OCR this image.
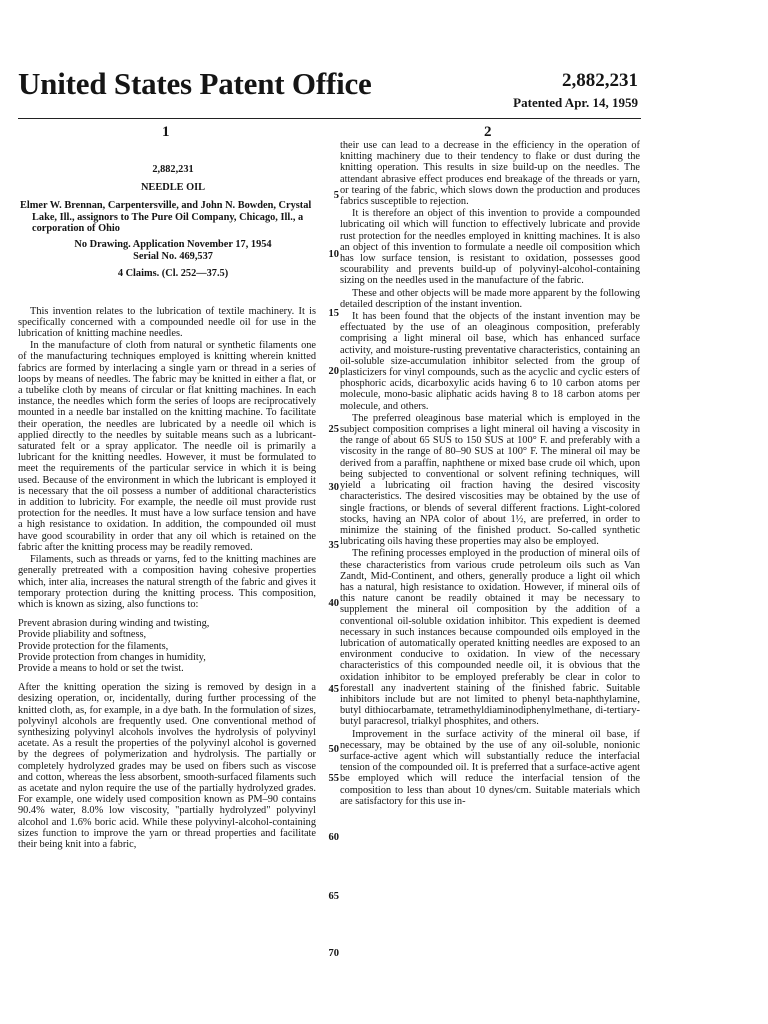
United States Patent Office	2,882,231
Patented Apr. 14, 1959
1	2

2,882,231

NEEDLE OIL

Elmer W. Brennan, Carpentersville, and John N. Bowden, Crystal Lake, Ill., assignors to The Pure Oil Company, Chicago, Ill., a corporation of Ohio

No Drawing. Application November 17, 1954

Serial No. 469,537

4 Claims. (Cl. 252—37.5)

This invention relates to the lubrication of textile machinery. It is specifically concerned with a compounded needle oil for use in the lubrication of knitting machine needles.

In the manufacture of cloth from natural or synthetic filaments one of the manufacturing techniques employed is knitting wherein knitted fabrics are formed by interlacing a single yarn or thread in a series of loops by means of needles. The fabric may be knitted in either a flat, or a tubelike cloth by means of circular or flat knitting machines. In each instance, the needles which form the series of loops are reciprocatively mounted in a needle bar installed on the knitting machine. To facilitate their operation, the needles are lubricated by a needle oil which is applied directly to the needles by suitable means such as a lubricant-saturated felt or a spray applicator. The needle oil is primarily a lubricant for the knitting needles. However, it must be formulated to meet the requirements of the particular service in which it is being used. Because of the environment in which the lubricant is employed it is necessary that the oil possess a number of additional characteristics in addition to lubricity. For example, the needle oil must provide rust protection for the needles. It must have a low surface tension and have a high resistance to oxidation. In addition, the compounded oil must have good scourability in order that any oil which is retained on the fabric after the knitting process may be readily removed.

Filaments, such as threads or yarns, fed to the knitting machines are generally pretreated with a composition having cohesive properties which, inter alia, increases the natural strength of the fabric and gives it temporary protection during the knitting process. This composition, which is known as sizing, also functions to:

Prevent abrasion during winding and twisting,
Provide pliability and softness,
Provide protection for the filaments,
Provide protection from changes in humidity,
Provide a means to hold or set the twist.

After the knitting operation the sizing is removed by design in a desizing operation, or, incidentally, during further processing of the knitted cloth, as, for example, in a dye bath. In the formulation of sizes, polyvinyl alcohols are frequently used. One conventional method of synthesizing polyvinyl alcohols involves the hydrolysis of polyvinyl acetate. As a result the properties of the polyvinyl alcohol is governed by the degrees of polymerization and hydrolysis. The partially or completely hydrolyzed grades may be used on fibers such as viscose and cotton, whereas the less absorbent, smooth-surfaced filaments such as acetate and nylon require the use of the partially hydrolyzed grades. For example, one widely used composition known as PM–90 contains 90.4% water, 8.0% low viscosity, "partially hydrolyzed" polyvinyl alcohol and 1.6% boric acid. While these polyvinyl-alcohol-containing sizes function to improve the yarn or thread properties and facilitate their being knit into a fabric,

5
10
15
20
25
30
35
40
45
50
55
60
65
70

their use can lead to a decrease in the efficiency in the operation of knitting machinery due to their tendency to flake or dust during the knitting operation. This results in size build-up on the needles. The attendant abrasive effect produces end breakage of the threads or yarn, or tearing of the fabric, which slows down the production and produces fabrics susceptible to rejection.

It is therefore an object of this invention to provide a compounded lubricating oil which will function to effectively lubricate and provide rust protection for the needles employed in knitting machines. It is also an object of this invention to formulate a needle oil composition which has low surface tension, is resistant to oxidation, possesses good scourability and prevents build-up of polyvinyl-alcohol-containing sizing on the needles used in the manufacture of the fabric.

These and other objects will be made more apparent by the following detailed description of the instant invention.

It has been found that the objects of the instant invention may be effectuated by the use of an oleaginous composition, preferably comprising a light mineral oil base, which has enhanced surface activity, and moisture-rusting preventative characteristics, containing an oil-soluble size-accumulation inhibitor selected from the group of plasticizers for vinyl compounds, such as the acyclic and cyclic esters of phosphoric acids, dicarboxylic acids having 6 to 10 carbon atoms per molecule, mono-basic aliphatic acids having 8 to 18 carbon atoms per molecule, and others.

The preferred oleaginous base material which is employed in the subject composition comprises a light mineral oil having a viscosity in the range of about 65 SUS to 150 SUS at 100° F. and preferably with a viscosity in the range of 80–90 SUS at 100° F. The mineral oil may be derived from a paraffin, naphthene or mixed base crude oil which, upon being subjected to conventional or solvent refining techniques, will yield a lubricating oil fraction having the desired viscosity characteristics. The desired viscosities may be obtained by the use of single fractions, or blends of several different fractions. Light-colored stocks, having an NPA color of about 1½, are preferred, in order to minimize the staining of the finished product. So-called synthetic lubricating oils having these properties may also be employed.

The refining processes employed in the production of mineral oils of these characteristics from various crude petroleum oils such as Van Zandt, Mid-Continent, and others, generally produce a light oil which has a natural, high resistance to oxidation. However, if mineral oils of this nature canont be readily obtained it may be necessary to supplement the mineral oil composition by the addition of a conventional oil-soluble oxidation inhibitor. This expedient is deemed necessary in such instances because compounded oils employed in the lubrication of automatically operated knitting needles are exposed to an environment conducive to oxidation. In view of the necessary characteristics of this compounded needle oil, it is obvious that the oxidation inhibitor to be employed preferably be clear in color to forestall any inadvertent staining of the finished fabric. Suitable inhibitors include but are not limited to phenyl beta-naphthylamine, butyl dithiocarbamate, tetramethyldiaminodiphenylmethane, di-tertiary-butyl paracresol, trialkyl phosphites, and others.

Improvement in the surface activity of the mineral oil base, if necessary, may be obtained by the use of any oil-soluble, nonionic surface-active agent which will substantially reduce the interfacial tension of the compounded oil. It is preferred that a surface-active agent be employed which will reduce the interfacial tension of the composition to less than about 10 dynes/cm. Suitable materials which are satisfactory for this use in-
